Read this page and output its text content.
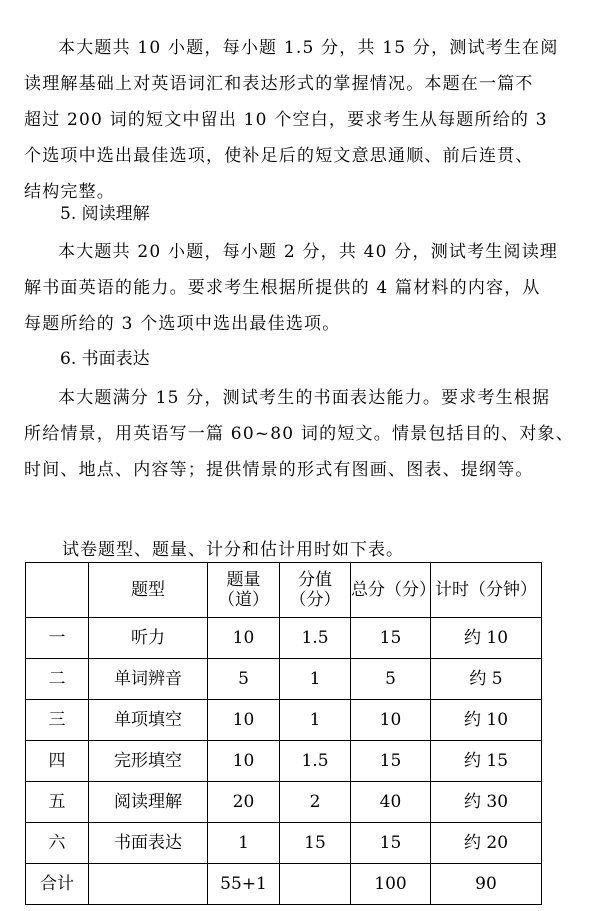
本大题共 10 小题，每小题 1.5 分，共 15 分，测试考生在阅
读理解基础上对英语词汇和表达形式的掌握情况。本题在一篇不
超过 200 词的短文中留出 10 个空白，要求考生从每题所给的 3
个选项中选出最佳选项，使补足后的短文意思通顺、前后连贯、
结构完整。

5. 阅读理解

本大题共 20 小题，每小题 2 分，共 40 分，测试考生阅读理
解书面英语的能力。要求考生根据所提供的 4 篇材料的内容，从
每题所给的 3 个选项中选出最佳选项。

6. 书面表达

本大题满分 15 分，测试考生的书面表达能力。要求考生根据
所给情景，用英语写一篇 60~80 词的短文。情景包括目的、对象、
时间、地点、内容等；提供情景的形式有图画、图表、提纲等。

试卷题型、题量、计分和估计用时如下表。
	题型	题量（道）	分值（分）	总分（分）	计时（分钟）
一	听力	10	1.5	15	约 10
二	单词辨音	5	1	5	约 5
三	单项填空	10	1	10	约 10
四	完形填空	10	1.5	15	约 15
五	阅读理解	20	2	40	约 30
六	书面表达	1	15	15	约 20
合计		55+1		100	90
